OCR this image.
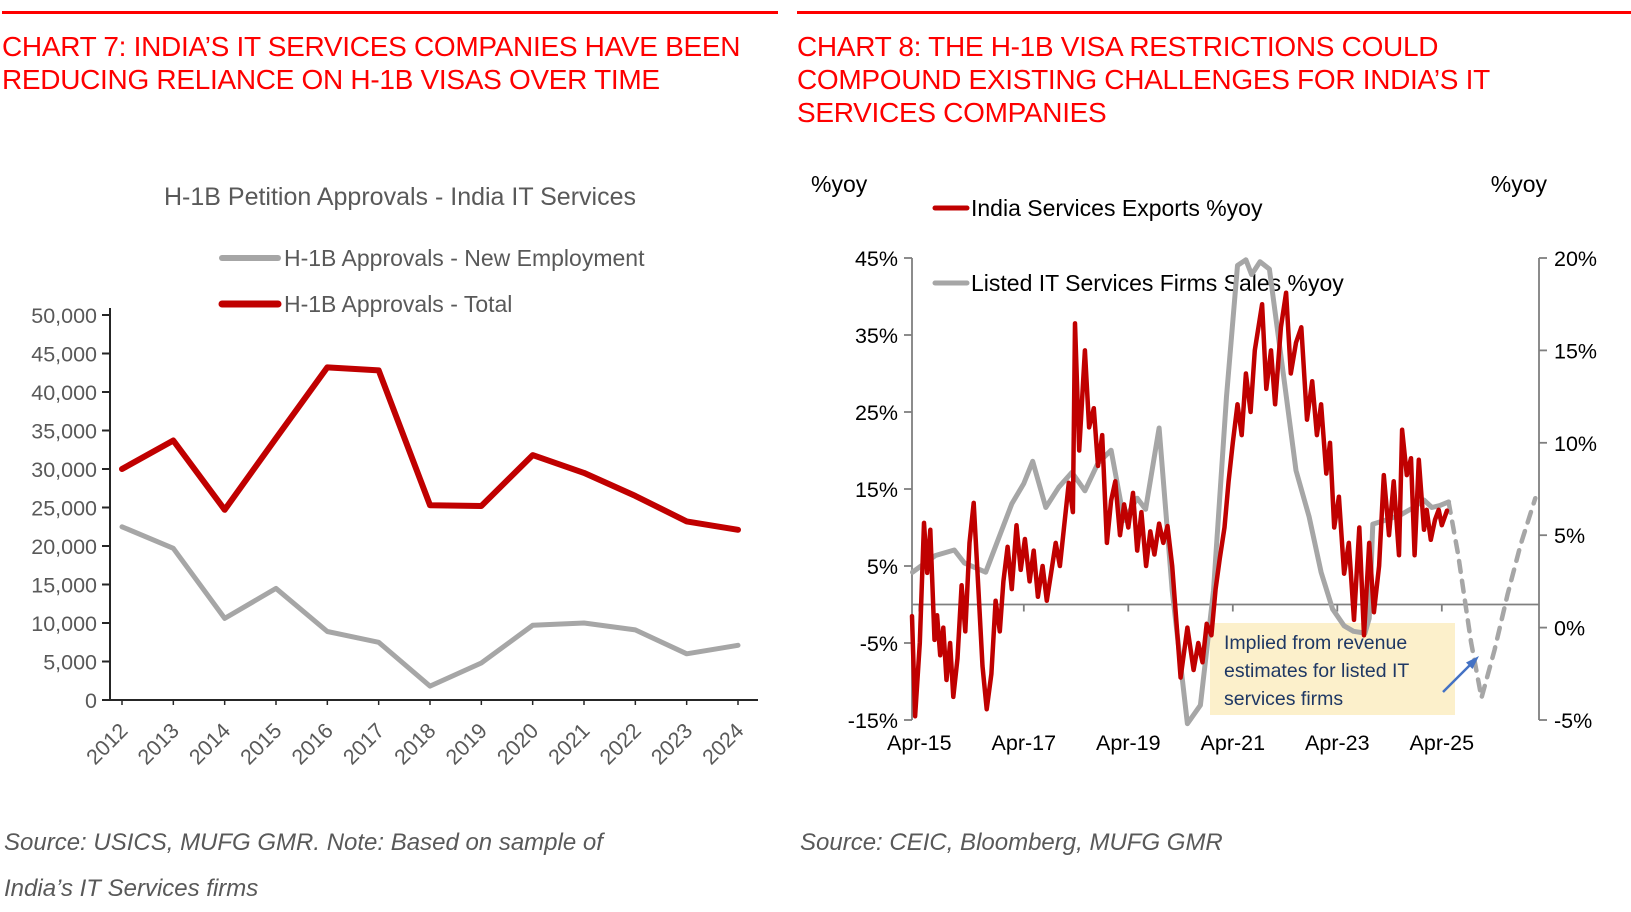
CHART 7: INDIA’S IT SERVICES COMPANIES HAVE BEEN
REDUCING RELIANCE ON H-1B VISAS OVER TIME
CHART 8: THE H-1B VISA RESTRICTIONS COULD
COMPOUND EXISTING CHALLENGES FOR INDIA’S IT
SERVICES COMPANIES
H-1B Petition Approvals - India IT Services
H-1B Approvals - New Employment
H-1B Approvals - Total
0
5,000
10,000
15,000
20,000
25,000
30,000
35,000
40,000
45,000
50,000
2012 2013 2014 2015 2016 2017 2018 2019 2020 2021 2022 2023 2024
%yoy	%yoy
India Services Exports %yoy
Listed IT Services Firms Sales %yoy
45%
35%
25%
15%
5%
-5%
-15%
20%
15%
10%
5%
0%
-5%
Apr-15 Apr-17 Apr-19 Apr-21 Apr-23 Apr-25
Implied from revenue
estimates for listed IT
services firms
Source: USICS, MUFG GMR. Note: Based on sample of
India’s IT Services firms
Source: CEIC, Bloomberg, MUFG GMR
